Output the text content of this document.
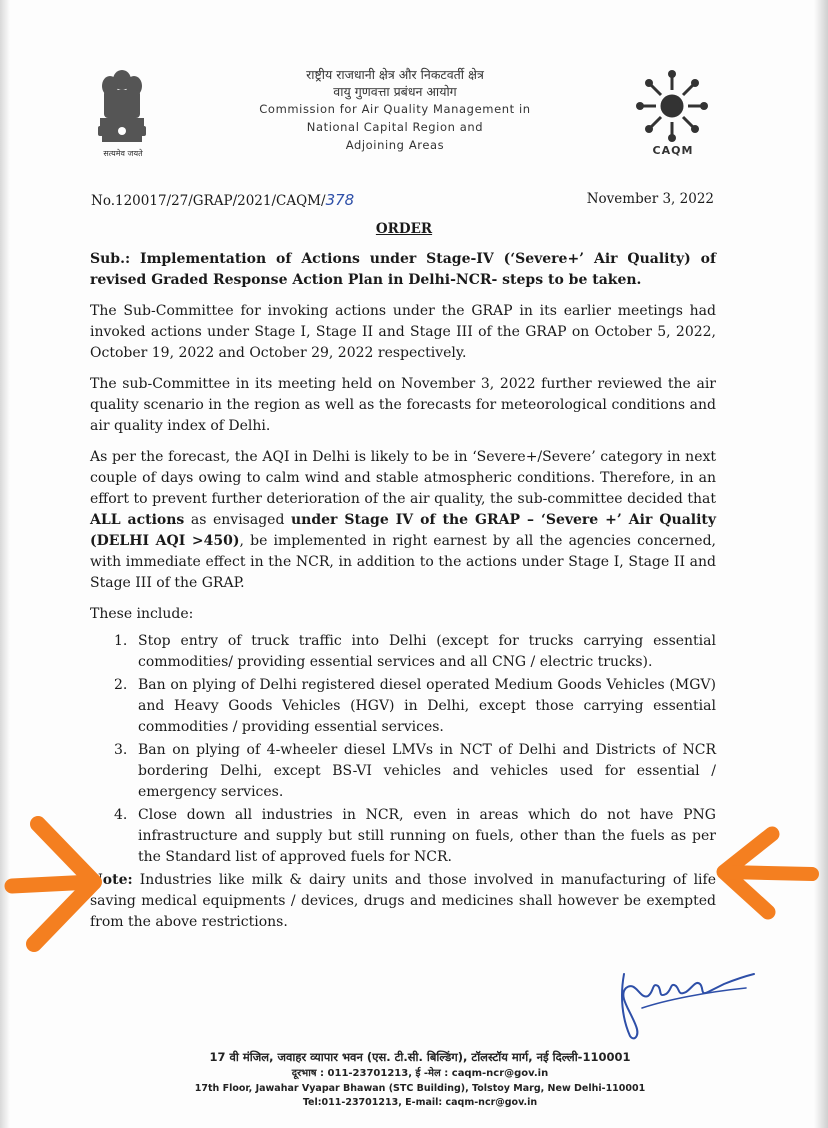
सत्यमेव जयते
राष्ट्रीय राजधानी क्षेत्र और निकटवर्ती क्षेत्र
वायु गुणवत्ता प्रबंधन आयोग
Commission for Air Quality Management in
National Capital Region and
Adjoining Areas	CAQM
No.120017/27/GRAP/2021/CAQM/378	November 3, 2022
ORDER

Sub.: Implementation of Actions under Stage-IV (‘Severe+’ Air Quality) of revised Graded Response Action Plan in Delhi-NCR- steps to be taken.

The Sub-Committee for invoking actions under the GRAP in its earlier meetings had invoked actions under Stage I, Stage II and Stage III of the GRAP on October 5, 2022, October 19, 2022 and October 29, 2022 respectively.

The sub-Committee in its meeting held on November 3, 2022 further reviewed the air quality scenario in the region as well as the forecasts for meteorological conditions and air quality index of Delhi.

As per the forecast, the AQI in Delhi is likely to be in ‘Severe+/Severe’ category in next couple of days owing to calm wind and stable atmospheric conditions. Therefore, in an effort to prevent further deterioration of the air quality, the sub-committee decided that ALL actions as envisaged under Stage IV of the GRAP – ‘Severe +’ Air Quality (DELHI AQI >450), be implemented in right earnest by all the agencies concerned, with immediate effect in the NCR, in addition to the actions under Stage I, Stage II and Stage III of the GRAP.

These include:

1. Stop entry of truck traffic into Delhi (except for trucks carrying essential commodities/ providing essential services and all CNG / electric trucks).
2. Ban on plying of Delhi registered diesel operated Medium Goods Vehicles (MGV) and Heavy Goods Vehicles (HGV) in Delhi, except those carrying essential commodities / providing essential services.
3. Ban on plying of 4-wheeler diesel LMVs in NCT of Delhi and Districts of NCR bordering Delhi, except BS-VI vehicles and vehicles used for essential / emergency services.
4. Close down all industries in NCR, even in areas which do not have PNG infrastructure and supply but still running on fuels, other than the fuels as per the Standard list of approved fuels for NCR.

Note: Industries like milk & dairy units and those involved in manufacturing of life saving medical equipments / devices, drugs and medicines shall however be exempted from the above restrictions.

17 वी मंजिल, जवाहर व्यापार भवन (एस. टी.सी. बिल्डिंग), टॉलस्टॉय मार्ग, नई दिल्ली-110001
दूरभाष : 011-23701213, ई -मेल : caqm-ncr@gov.in
17th Floor, Jawahar Vyapar Bhawan (STC Building), Tolstoy Marg, New Delhi-110001
Tel:011-23701213, E-mail: caqm-ncr@gov.in
